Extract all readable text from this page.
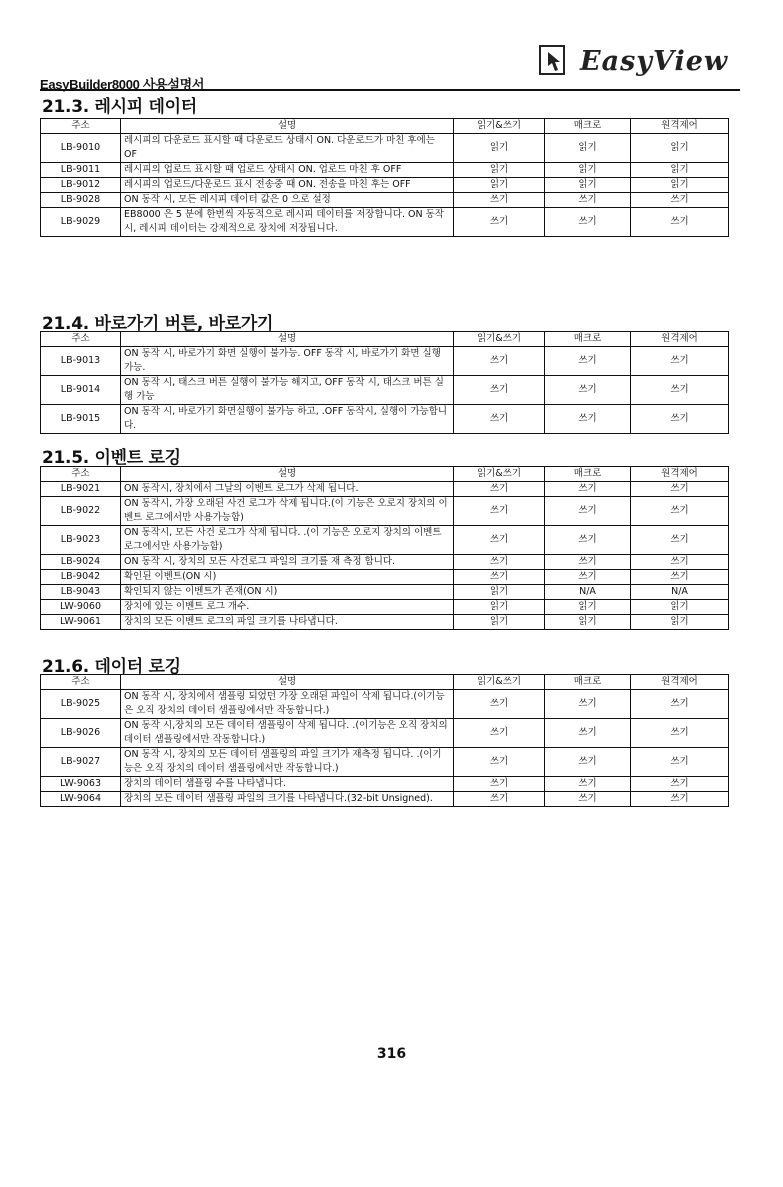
EasyBuilder8000 사용설명서
EasyView
21.3. 레시피 데이터
주소	설명	읽기&쓰기	매크로	원격제어
LB-9010	레시피의 다운로드 표시할 때 다운로드 상태시 ON. 다운로드가 마친 후에는 OF	읽기	읽기	읽기
LB-9011	레시피의 업로드 표시할 때 업로드 상태시 ON. 업로드 마친 후 OFF	읽기	읽기	읽기
LB-9012	레시피의 업로드/다운로드 표시 전송중 때 ON. 전송을 마친 후는 OFF	읽기	읽기	읽기
LB-9028	ON 동작 시, 모든 레시피 데이터 값은 0 으로 설정	쓰기	쓰기	쓰기
LB-9029	EB8000 은 5 분에 한번씩 자동적으로 레시피 데이터를 저장합니다. ON 동작 시, 레시피 데이터는 강제적으로 장치에 저장됩니다.	쓰기	쓰기	쓰기
21.4. 바로가기 버튼, 바로가기
주소	설명	읽기&쓰기	매크로	원격제어
LB-9013	ON 동작 시, 바로가기 화면 실행이 불가능. OFF 동작 시, 바로가기 화면 실행 가능.	쓰기	쓰기	쓰기
LB-9014	ON 동작 시, 태스크 버튼 실행이 불가능 해지고, OFF 동작 시, 태스크 버튼 실행 가능	쓰기	쓰기	쓰기
LB-9015	ON 동작 시, 바로가기 화면실행이 불가능 하고, .OFF 동작시, 실행이 가능합니다.	쓰기	쓰기	쓰기
21.5. 이벤트 로깅
주소	설명	읽기&쓰기	매크로	원격제어
LB-9021	ON 동작시, 장치에서 그날의 이벤트 로그가 삭제 됩니다.	쓰기	쓰기	쓰기
LB-9022	ON 동작시, 가장 오래된 사건 로그가 삭제 됩니다.(이 기능은 오로지 장치의 이벤트 로그에서만 사용가능함)	쓰기	쓰기	쓰기
LB-9023	ON 동작시, 모든 사건 로그가 삭제 됩니다. .(이 기능은 오로지 장치의 이벤트 로그에서만 사용가능함)	쓰기	쓰기	쓰기
LB-9024	ON 동작 시, 장치의 모든 사건로그 파일의 크기를 재 측정 합니다.	쓰기	쓰기	쓰기
LB-9042	확인된 이벤트(ON 시)	쓰기	쓰기	쓰기
LB-9043	확인되지 않는 이벤트가 존재(ON 시)	읽기	N/A	N/A
LW-9060	장치에 있는 이벤트 로그 개수.	읽기	읽기	읽기
LW-9061	장치의 모든 이벤트 로그의 파일 크기를 나타냅니다.	읽기	읽기	읽기
21.6. 데이터 로깅
주소	설명	읽기&쓰기	매크로	원격제어
LB-9025	ON 동작 시, 장치에서 샘플링 되었던 가장 오래된 파일이 삭제 됩니다.(이기능은 오직 장치의 데이터 샘플링에서만 작동합니다.)	쓰기	쓰기	쓰기
LB-9026	ON 동작 시,장치의 모든 데이터 샘플링이 삭제 됩니다. .(이기능은 오직 장치의 데이터 샘플링에서만 작동합니다.)	쓰기	쓰기	쓰기
LB-9027	ON 동작 시, 장치의 모든 데이터 샘플링의 파일 크기가 재측정 됩니다. .(이기능은 오직 장치의 데이터 샘플링에서만 작동합니다.)	쓰기	쓰기	쓰기
LW-9063	장치의 데이터 샘플링 수를 나타냅니다.	쓰기	쓰기	쓰기
LW-9064	장치의 모든 데이터 샘플링 파일의 크기를 나타냅니다.(32-bit Unsigned).	쓰기	쓰기	쓰기
316
